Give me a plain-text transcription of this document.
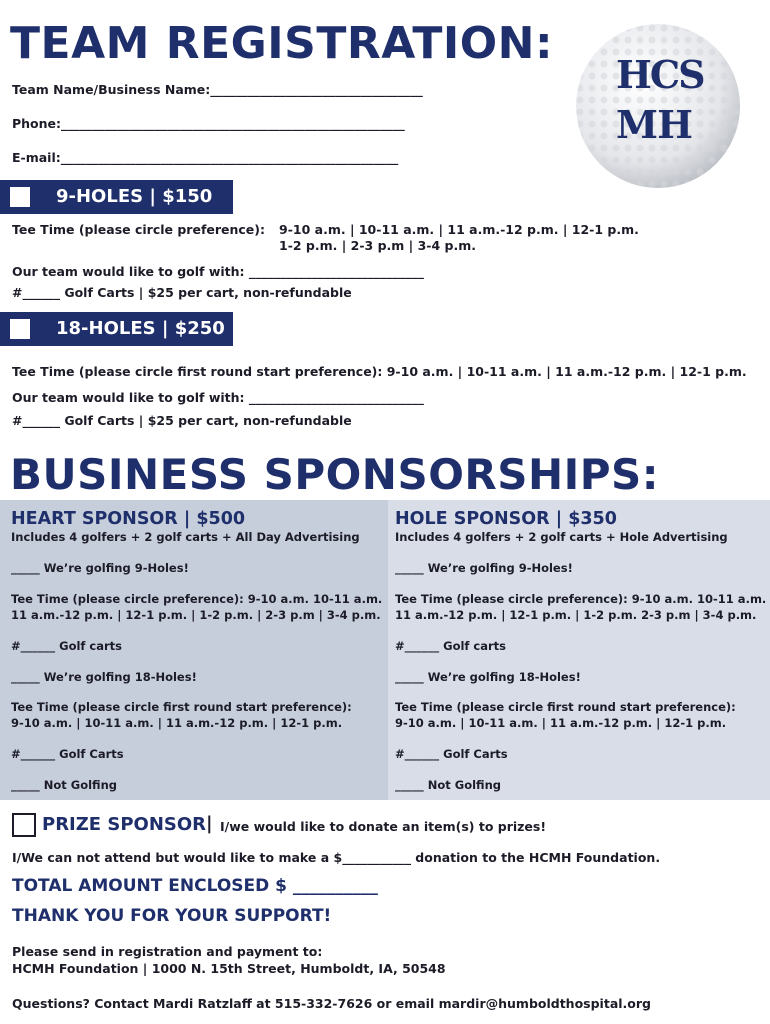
TEAM REGISTRATION:
Team Name/Business Name:__________________________________
Phone:_______________________________________________________
E-mail:______________________________________________________
HCS
MH
9-HOLES | $150
Tee Time (please circle preference): 9-10 a.m. | 10-11 a.m. | 11 a.m.-12 p.m. | 12-1 p.m.
1-2 p.m. | 2-3 p.m | 3-4 p.m.
Our team would like to golf with: ____________________________
#______ Golf Carts | $25 per cart, non-refundable
18-HOLES | $250
Tee Time (please circle first round start preference): 9-10 a.m. | 10-11 a.m. | 11 a.m.-12 p.m. | 12-1 p.m.
Our team would like to golf with: ____________________________
#______ Golf Carts | $25 per cart, non-refundable
BUSINESS SPONSORSHIPS:
HEART SPONSOR | $500
Includes 4 golfers + 2 golf carts + All Day Advertising
_____ We’re golfing 9-Holes!
Tee Time (please circle preference): 9-10 a.m. 10-11 a.m.
11 a.m.-12 p.m. | 12-1 p.m. | 1-2 p.m. | 2-3 p.m | 3-4 p.m.
#______ Golf carts
_____ We’re golfing 18-Holes!
Tee Time (please circle first round start preference):
9-10 a.m. | 10-11 a.m. | 11 a.m.-12 p.m. | 12-1 p.m.
#______ Golf Carts
_____ Not Golfing
HOLE SPONSOR | $350
Includes 4 golfers + 2 golf carts + Hole Advertising
_____ We’re golfing 9-Holes!
Tee Time (please circle preference): 9-10 a.m. 10-11 a.m.
11 a.m.-12 p.m. | 12-1 p.m. | 1-2 p.m. 2-3 p.m | 3-4 p.m.
#______ Golf carts
_____ We’re golfing 18-Holes!
Tee Time (please circle first round start preference):
9-10 a.m. | 10-11 a.m. | 11 a.m.-12 p.m. | 12-1 p.m.
#______ Golf Carts
_____ Not Golfing
PRIZE SPONSOR | I/we would like to donate an item(s) to prizes!
I/We can not attend but would like to make a $___________ donation to the HCMH Foundation.
TOTAL AMOUNT ENCLOSED $ __________
THANK YOU FOR YOUR SUPPORT!
Please send in registration and payment to:
HCMH Foundation | 1000 N. 15th Street, Humboldt, IA, 50548
Questions? Contact Mardi Ratzlaff at 515-332-7626 or email mardir@humboldthospital.org
